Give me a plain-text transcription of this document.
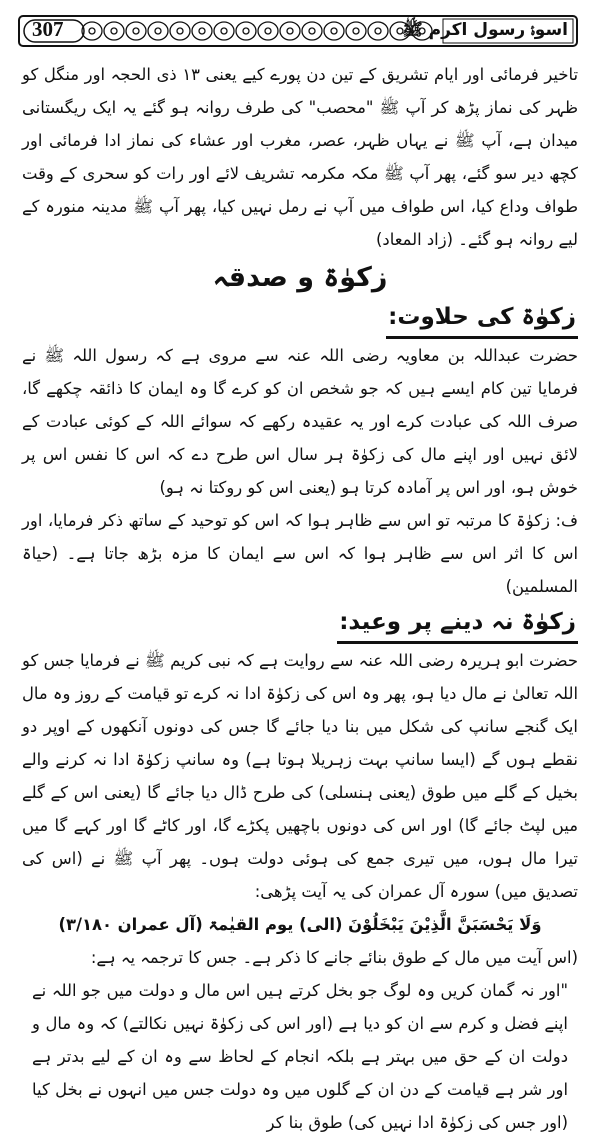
307	اسوۂ رسول اکرم ﷺ

تاخیر فرمائی اور ایام تشریق کے تین دن پورے کیے یعنی ۱۳ ذی الحجہ اور منگل کو ظہر کی نماز پڑھ کر آپ ﷺ "محصب" کی طرف روانہ ہو گئے یہ ایک ریگستانی میدان ہے، آپ ﷺ نے یہاں ظہر، عصر، مغرب اور عشاء کی نماز ادا فرمائی اور کچھ دیر سو گئے، پھر آپ ﷺ مکہ مکرمہ تشریف لائے اور رات کو سحری کے وقت طواف وداع کیا، اس طواف میں آپ نے رمل نہیں کیا، پھر آپ ﷺ مدینہ منورہ کے لیے روانہ ہو گئے۔ (زاد المعاد)

زکوٰۃ و صدقہ
زکوٰۃ کی حلاوت:

حضرت عبداللہ بن معاویہ رضی اللہ عنہ سے مروی ہے کہ رسول اللہ ﷺ نے فرمایا تین کام ایسے ہیں کہ جو شخص ان کو کرے گا وہ ایمان کا ذائقہ چکھے گا، صرف اللہ کی عبادت کرے اور یہ عقیدہ رکھے کہ سوائے اللہ کے کوئی عبادت کے لائق نہیں اور اپنے مال کی زکوٰۃ ہر سال اس طرح دے کہ اس کا نفس اس پر خوش ہو، اور اس پر آمادہ کرتا ہو (یعنی اس کو روکتا نہ ہو)

ف: زکوٰۃ کا مرتبہ تو اس سے ظاہر ہوا کہ اس کو توحید کے ساتھ ذکر فرمایا، اور اس کا اثر اس سے ظاہر ہوا کہ اس سے ایمان کا مزہ بڑھ جاتا ہے۔ (حیاۃ المسلمین)

زکوٰۃ نہ دینے پر وعید:

حضرت ابو ہریرہ رضی اللہ عنہ سے روایت ہے کہ نبی کریم ﷺ نے فرمایا جس کو اللہ تعالیٰ نے مال دیا ہو، پھر وہ اس کی زکوٰۃ ادا نہ کرے تو قیامت کے روز وہ مال ایک گنجے سانپ کی شکل میں بنا دیا جائے گا جس کی دونوں آنکھوں کے اوپر دو نقطے ہوں گے (ایسا سانپ بہت زہریلا ہوتا ہے) وہ سانپ زکوٰۃ ادا نہ کرنے والے بخیل کے گلے میں طوق (یعنی ہنسلی) کی طرح ڈال دیا جائے گا (یعنی اس کے گلے میں لپٹ جائے گا) اور اس کی دونوں باچھیں پکڑے گا، اور کاٹے گا اور کہے گا میں تیرا مال ہوں، میں تیری جمع کی ہوئی دولت ہوں۔ پھر آپ ﷺ نے (اس کی تصدیق میں) سورہ آل عمران کی یہ آیت پڑھی:

وَلَا يَحْسَبَنَّ الَّذِيْنَ يَبْخَلُوْنَ (الی) یوم القیٰمۃ (آل عمران ۳/۱۸۰)

(اس آیت میں مال کے طوق بنائے جانے کا ذکر ہے۔ جس کا ترجمہ یہ ہے:

"اور نہ گمان کریں وہ لوگ جو بخل کرتے ہیں اس مال و دولت میں جو اللہ نے اپنے فضل و کرم سے ان کو دیا ہے (اور اس کی زکوٰۃ نہیں نکالتے) کہ وہ مال و دولت ان کے حق میں بہتر ہے بلکہ انجام کے لحاظ سے وہ ان کے لیے بدتر ہے اور شر ہے قیامت کے دن ان کے گلوں میں وہ دولت جس میں انہوں نے بخل کیا (اور جس کی زکوٰۃ ادا نہیں کی) طوق بنا کر
